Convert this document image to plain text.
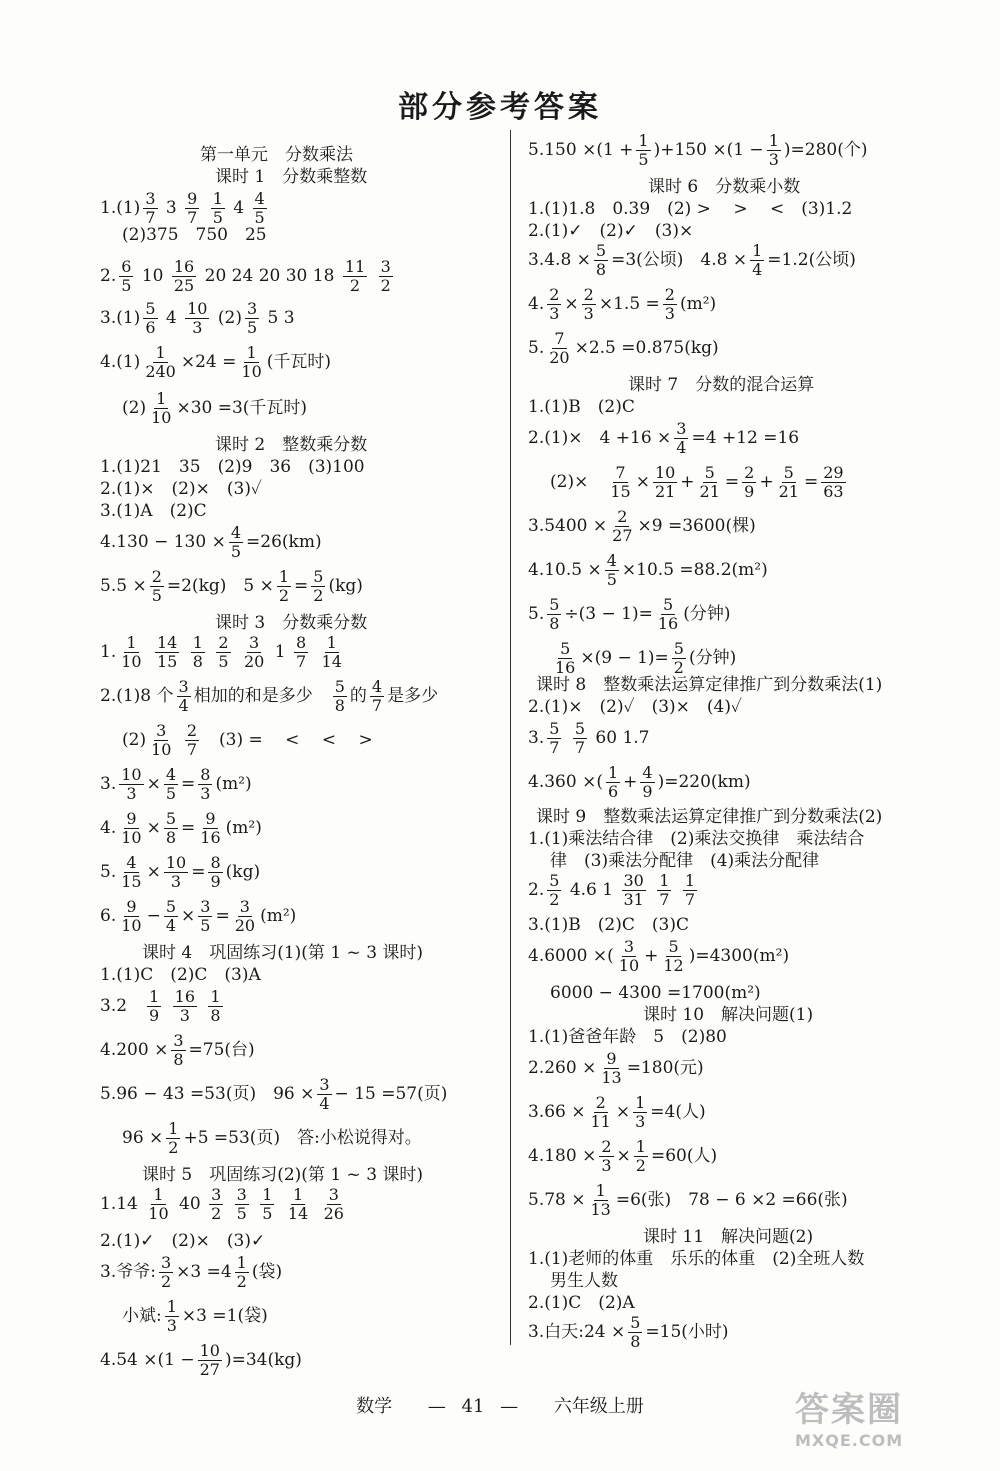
部分参考答案
第一单元　分数乘法
课时 1　分数乘整数
$1.(1) \frac{3}{7} 3 \frac{9}{7}$
$\frac{1}{5} 4 \frac{4}{5}$
(2)375　750　25
2. $\frac{6}{5} 10 \frac{16}{25} 20$ 24 20 30 $18 \frac{11}{2}$
$\frac{3}{2}$
$3.(1) \frac{5}{6} 4 \frac{10}{3} (2) \frac{3}{5} 5$ 3
$4.(1) \frac{1}{240} \times 24 = \frac{1}{10}$ (千瓦时)
$(2) \frac{1}{10} \times 30 =3$(千瓦时)
课时 2　整数乘分数
1.(1)21　35　(2)9　36　(3)100
2.(1)×　(2)×　(3)✓
3.(1)A　(2)C
$4.130 - 130 \times \frac{4}{5} =26(km)$
$5.5 \times \frac{2}{5} =2(kg)$　$5 \times \frac{1}{2} = \frac{5}{2} (kg)$
课时 3　分数乘分数
1. $\frac{1}{10}$
$\frac{14}{15}$
$\frac{1}{8}$
$\frac{2}{5}$
$\frac{3}{20} 1 \frac{8}{7}$
$\frac{1}{14}$
2.(1)8 个 $\frac{3}{4}$ 相加的和是多少　 $\frac{5}{8}$ 的 $\frac{4}{7}$ 是多少
$(2) \frac{3}{10}$
$\frac{2}{7}$ 　(3) =　 <　 <　 >
3. $\frac{10}{3} \times \frac{4}{5} = \frac{8}{3} (m^2)$
4. $\frac{9}{10} \times \frac{5}{8} = \frac{9}{16} (m^2)$
5. $\frac{4}{15} \times \frac{10}{3} = \frac{8}{9} (kg)$
6. $\frac{9}{10} - \frac{5}{4} \times \frac{3}{5} = \frac{3}{20} (m^2)$
课时 4　巩固练习(1)(第 1 ~ 3 课时)
1.(1)C　(2)C　(3)A
3.2　 $\frac{1}{9}$
$\frac{16}{3}$
$\frac{1}{8}$
$4.200 \times \frac{3}{8} =75$(台)
5.96 − 43 =53(页)　$96 \times \frac{3}{4} - 15 =57$(页)
$96 \times \frac{1}{2} +5 =53$(页)　答:小松说得对。
课时 5　巩固练习(2)(第 1 ~ 3 课时)
$1.14 \frac{1}{10} 40 \frac{3}{2}$
$\frac{3}{5}$
$\frac{1}{5}$
$\frac{1}{14}$
$\frac{3}{26}$
2.(1)✓　(2)×　(3)✓
3.爷爷: $\frac{3}{2} \times 3 =4 \frac{1}{2}$ (袋)
小斌: $\frac{1}{3} \times 3 =1$(袋)
$4.54 \times(1 - \frac{10}{27} )=34(kg)$
$5.150 \times(1 + \frac{1}{5} )+150 \times(1 - \frac{1}{3} )=280$(个)
课时 6　分数乘小数
1.(1)1.8　0.39　(2) >　 >　 <　(3)1.2
2.(1)✓　(2)✓　(3)×
$3.4.8 \times \frac{5}{8} =3$(公顷)　$4.8 \times \frac{1}{4} =1.2$(公顷)
4. $\frac{2}{3} \times \frac{2}{3} \times 1.5 = \frac{2}{3} (m^2)$
5. $\frac{7}{20} \times 2.5 =0.875(kg)$
课时 7　分数的混合运算
1.(1)B　(2)C
2.(1)×　$4 +16 \times \frac{3}{4} =4 +12 =16$
(2)×　 $\frac{7}{15} \times \frac{10}{21} + \frac{5}{21} = \frac{2}{9} + \frac{5}{21} = \frac{29}{63}$
$3.5400 \times \frac{2}{27} \times 9 =3600$(棵)
$4.10.5 \times \frac{4}{5} \times 10.5 =88.2(m^2)$
5. $\frac{5}{8} \div(3 - 1)= \frac{5}{16}$ (分钟)
$\frac{5}{16} \times(9 - 1)= \frac{5}{2}$ (分钟)
课时 8　整数乘法运算定律推广到分数乘法(1)
2.(1)×　(2)✓　(3)×　(4)✓
3. $\frac{5}{7}$
$\frac{5}{7} 60$ 1.7
4.360 ×( $\frac{1}{6} + \frac{4}{9} )=220(km)$
课时 9　整数乘法运算定律推广到分数乘法(2)
1.(1)乘法结合律　(2)乘法交换律　乘法结合
律　(3)乘法分配律　(4)乘法分配律
2. $\frac{5}{2} 4.6$ $1 \frac{30}{31}$
$\frac{1}{7}$
$\frac{1}{7}$
3.(1)B　(2)C　(3)C
4.6000 ×( $\frac{3}{10} + \frac{5}{12} )=4300(m^2)$
6000 − 4300 =1700(m²)
课时 10　解决问题(1)
1.(1)爸爸年龄　5　(2)80
$2.260 \times \frac{9}{13} =180$(元)
$3.66 \times \frac{2}{11} \times \frac{1}{3} =4$(人)
$4.180 \times \frac{2}{3} \times \frac{1}{2} =60$(人)
$5.78 \times \frac{1}{13} =6$(张)　78 − 6 ×2 =66(张)
课时 11　解决问题(2)
1.(1)老师的体重　乐乐的体重　(2)全班人数
男生人数
2.(1)C　(2)A
3.白天:24 × $\frac{5}{8} =15$(小时)
数学 — 41 — 六年级上册	答案圈
MXQE.COM
